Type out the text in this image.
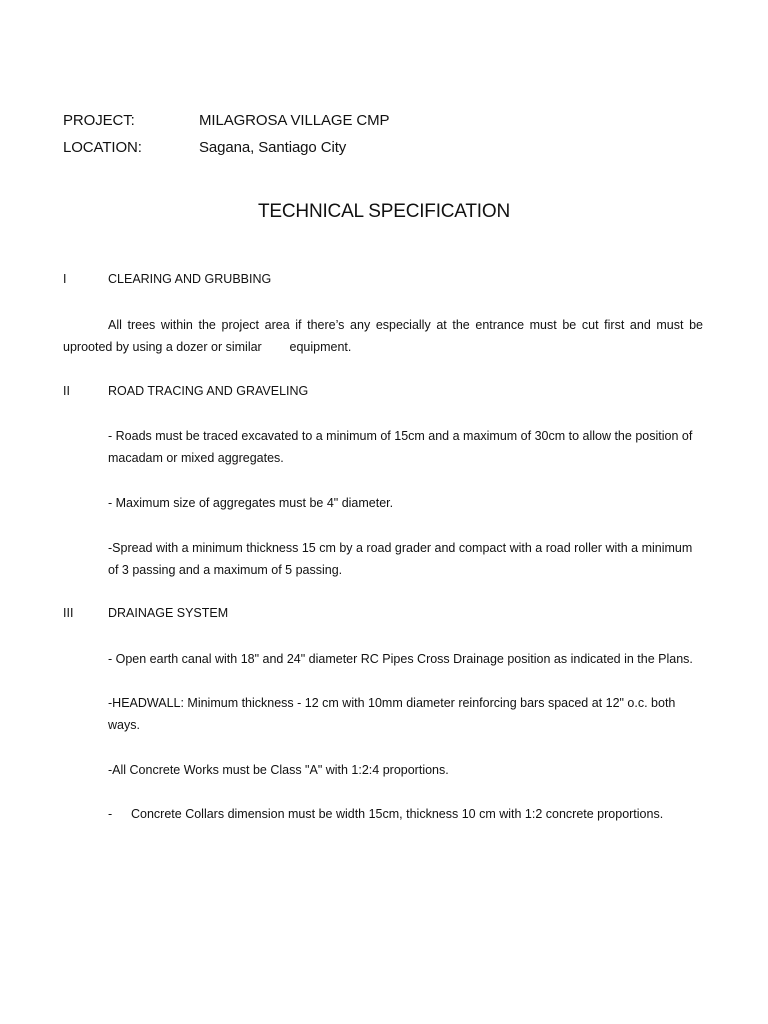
PROJECT:	MILAGROSA VILLAGE CMP
LOCATION:	Sagana, Santiago City
TECHNICAL SPECIFICATION
I	CLEARING AND GRUBBING
All trees within the project area if there’s any especially at the entrance must be cut first and must be uprooted by using a dozer or similar        equipment.
II	ROAD TRACING AND GRAVELING
- Roads must be traced excavated to a minimum of 15cm and a maximum of 30cm to allow the position of macadam or mixed aggregates.
- Maximum size of aggregates must be 4" diameter.
-Spread with a minimum thickness 15 cm by a road grader and compact with a road roller with a minimum of 3 passing and a maximum of 5 passing.
III	DRAINAGE SYSTEM
- Open earth canal with 18" and 24" diameter RC Pipes Cross Drainage position as indicated in the Plans.
-HEADWALL: Minimum thickness - 12 cm with 10mm diameter reinforcing bars spaced at 12" o.c. both ways.
-All Concrete Works must be Class "A" with 1:2:4 proportions.
- Concrete Collars dimension must be width 15cm, thickness 10 cm with 1:2 concrete proportions.
